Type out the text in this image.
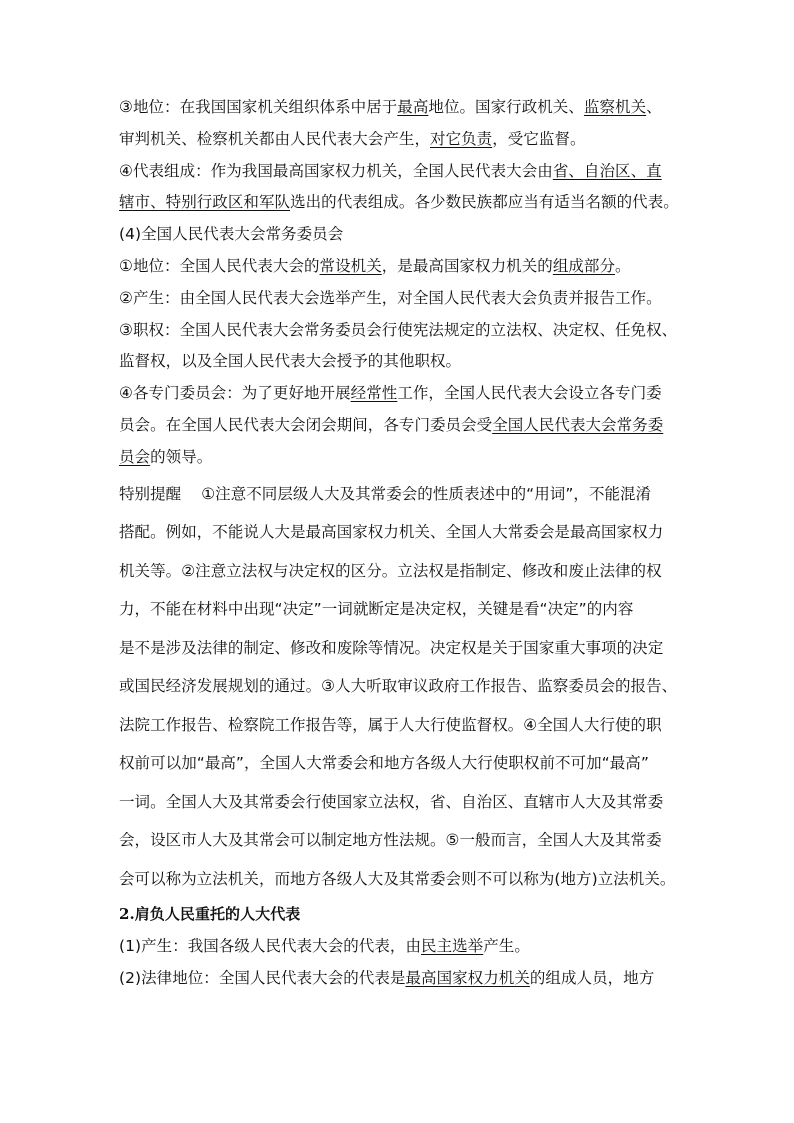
③地位：在我国国家机关组织体系中居于最高地位。国家行政机关、监察机关、
审判机关、检察机关都由人民代表大会产生，对它负责，受它监督。
④代表组成：作为我国最高国家权力机关，全国人民代表大会由省、自治区、直
辖市、特别行政区和军队选出的代表组成。各少数民族都应当有适当名额的代表。
(4)全国人民代表大会常务委员会
①地位：全国人民代表大会的常设机关，是最高国家权力机关的组成部分。
②产生：由全国人民代表大会选举产生，对全国人民代表大会负责并报告工作。
③职权：全国人民代表大会常务委员会行使宪法规定的立法权、决定权、任免权、
监督权，以及全国人民代表大会授予的其他职权。
④各专门委员会：为了更好地开展经常性工作，全国人民代表大会设立各专门委
员会。在全国人民代表大会闭会期间，各专门委员会受全国人民代表大会常务委
员会的领导。
特别提醒 ①注意不同层级人大及其常委会的性质表述中的“用词”，不能混淆
搭配。例如，不能说人大是最高国家权力机关、全国人大常委会是最高国家权力
机关等。②注意立法权与决定权的区分。立法权是指制定、修改和废止法律的权
力，不能在材料中出现“决定”一词就断定是决定权，关键是看“决定”的内容
是不是涉及法律的制定、修改和废除等情况。决定权是关于国家重大事项的决定
或国民经济发展规划的通过。③人大听取审议政府工作报告、监察委员会的报告、
法院工作报告、检察院工作报告等，属于人大行使监督权。④全国人大行使的职
权前可以加“最高”，全国人大常委会和地方各级人大行使职权前不可加“最高”
一词。全国人大及其常委会行使国家立法权，省、自治区、直辖市人大及其常委
会，设区市人大及其常会可以制定地方性法规。⑤一般而言，全国人大及其常委
会可以称为立法机关，而地方各级人大及其常委会则不可以称为(地方)立法机关。
2.肩负人民重托的人大代表
(1)产生：我国各级人民代表大会的代表，由民主选举产生。
(2)法律地位：全国人民代表大会的代表是最高国家权力机关的组成人员，地方
